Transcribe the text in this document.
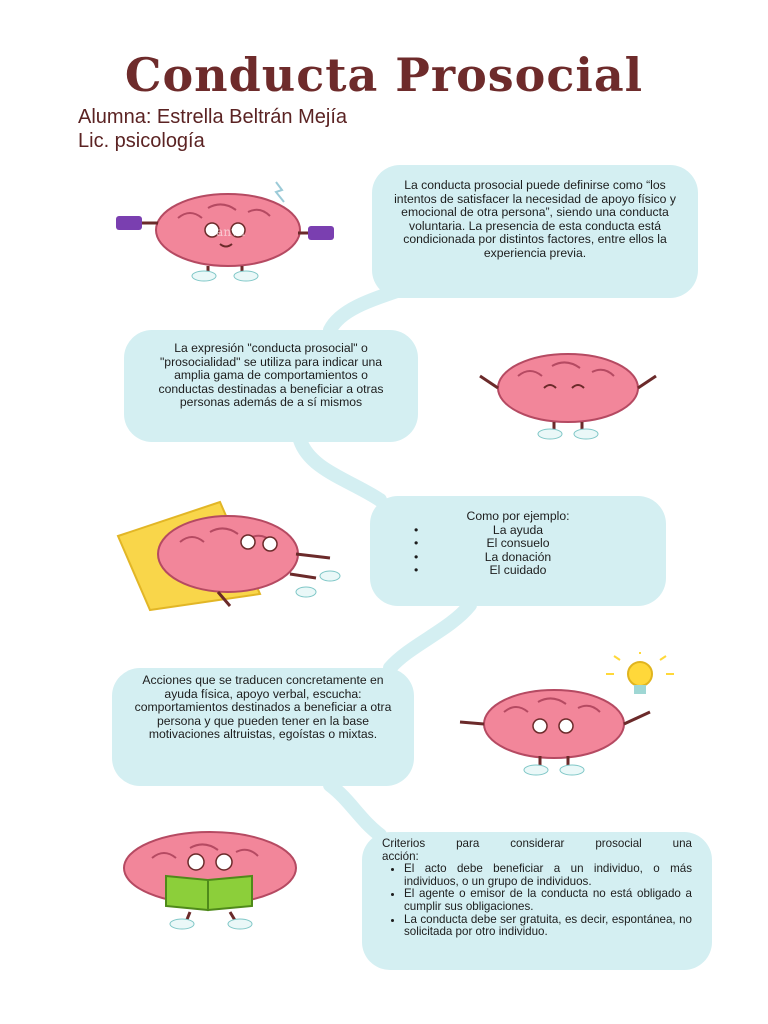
Conducta Prosocial
Alumna: Estrella Beltrán Mejía
Lic. psicología
La conducta prosocial puede definirse como “los intentos de satisfacer la necesidad de apoyo físico y emocional de otra persona”, siendo una conducta voluntaria. La presencia de esta conducta está condicionada por distintos factores, entre ellos la experiencia previa.
La expresión "conducta prosocial" o "prosocialidad" se utiliza para indicar una amplia gama de comportamientos o conductas destinadas a beneficiar a otras personas además de a sí mismos
Como por ejemplo:
• La ayuda
• El consuelo
• La donación
• El cuidado
Acciones que se traducen concretamente en ayuda física, apoyo verbal, escucha: comportamientos destinados a beneficiar a otra persona y que pueden tener en la base motivaciones altruistas, egoístas o mixtas.
Criterios para considerar prosocial una
acción:
• El acto debe beneficiar a un individuo, o más individuos, o un grupo de individuos.
• El agente o emisor de la conducta no está obligado a cumplir sus obligaciones.
• La conducta debe ser gratuita, es decir, espontánea, no solicitada por otro individuo.
Canva
